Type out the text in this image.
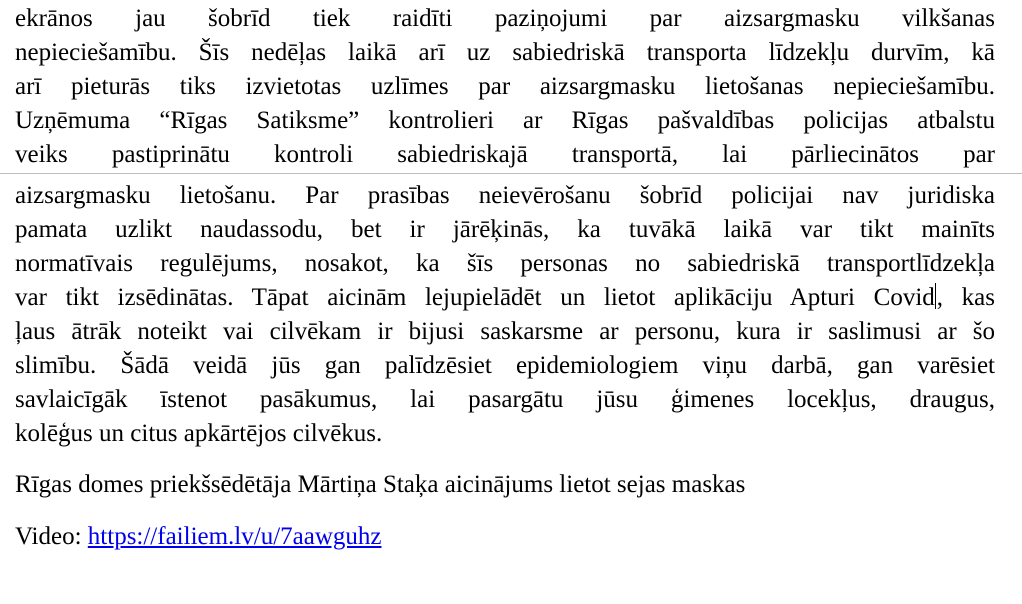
ekrānos jau šobrīd tiek raidīti paziņojumi par aizsargmasku vilkšanas
nepieciešamību. Šīs nedēļas laikā arī uz sabiedriskā transporta līdzekļu durvīm, kā
arī pieturās tiks izvietotas uzlīmes par aizsargmasku lietošanas nepieciešamību.
Uzņēmuma “Rīgas Satiksme” kontrolieri ar Rīgas pašvaldības policijas atbalstu
veiks pastiprinātu kontroli sabiedriskajā transportā, lai pārliecinātos par
aizsargmasku lietošanu. Par prasības neievērošanu šobrīd policijai nav juridiska
pamata uzlikt naudassodu, bet ir jārēķinās, ka tuvākā laikā var tikt mainīts
normatīvais regulējums, nosakot, ka šīs personas no sabiedriskā transportlīdzekļa
var tikt izsēdinātas. Tāpat aicinām lejupielādēt un lietot aplikāciju Apturi Covid, kas
ļaus ātrāk noteikt vai cilvēkam ir bijusi saskarsme ar personu, kura ir saslimusi ar šo
slimību. Šādā veidā jūs gan palīdzēsiet epidemiologiem viņu darbā, gan varēsiet
savlaicīgāk īstenot pasākumus, lai pasargātu jūsu ģimenes locekļus, draugus,
kolēģus un citus apkārtējos cilvēkus.
Rīgas domes priekšsēdētāja Mārtiņa Staķa aicinājums lietot sejas maskas
Video: https://failiem.lv/u/7aawguhz
